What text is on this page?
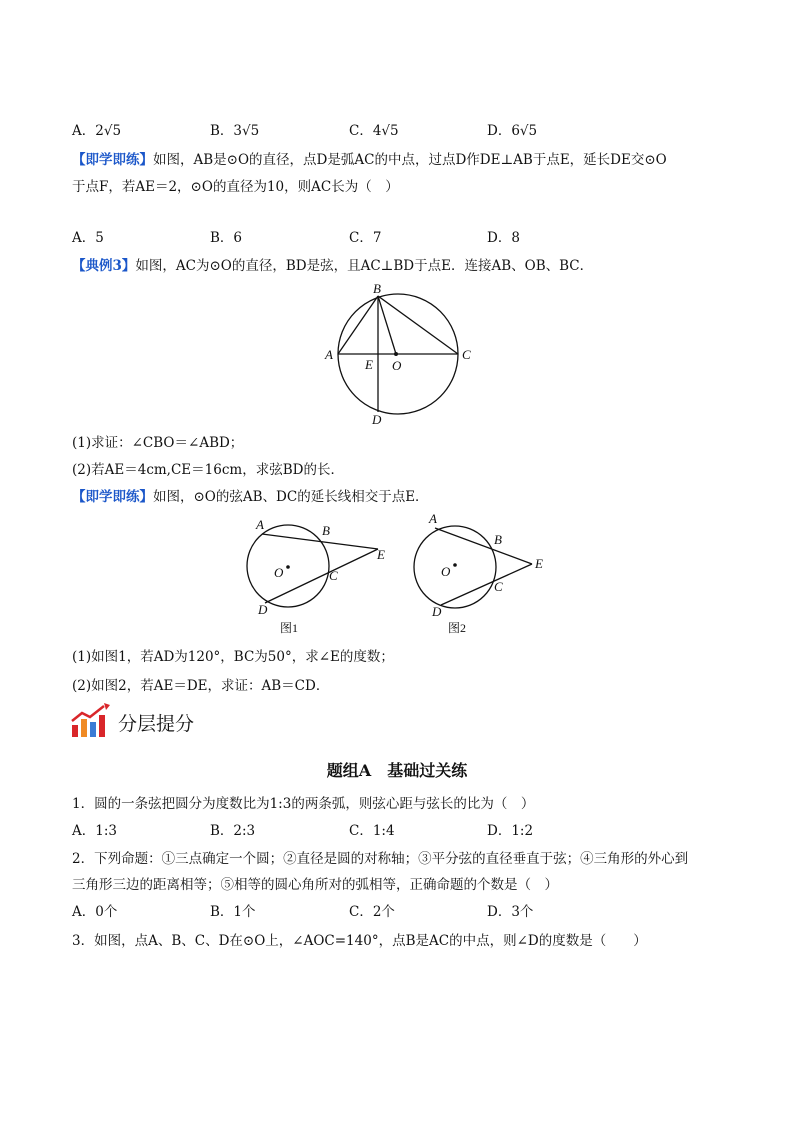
A．2√5	B．3√5	C．4√5	D．6√5
【即学即练】如图，AB是⊙O的直径，点D是弧AC的中点，过点D作DE⊥AB于点E，延长DE交⊙O
于点F，若AE＝2，⊙O的直径为10，则AC长为（　）
A．5	B．6	C．7	D．8
【典例3】如图，AC为⊙O的直径，BD是弦，且AC⊥BD于点E．连接AB、OB、BC．
B
A
E O
C
D
(1)求证：∠CBO＝∠ABD；
(2)若AE＝4cm,CE＝16cm，求弦BD的长．
【即学即练】如图，⊙O的弦AB、DC的延长线相交于点E．
A	B
E
O	C
D
图1
A
B
E
O
C
D
图2
(1)如图1，若AD为120°，BC为50°，求∠E的度数；
(2)如图2，若AE＝DE，求证：AB＝CD．
分层提分
题组A　基础过关练
1．圆的一条弦把圆分为度数比为1:3的两条弧，则弦心距与弦长的比为（　）
A．1:3	B．2:3	C．1:4	D．1:2
2．下列命题：①三点确定一个圆；②直径是圆的对称轴；③平分弦的直径垂直于弦；④三角形的外心到
三角形三边的距离相等；⑤相等的圆心角所对的弧相等，正确命题的个数是（　）
A．0个	B．1个	C．2个	D．3个
3．如图，点A、B、C、D在⊙O上，∠AOC=140°，点B是AC的中点，则∠D的度数是（　　）
